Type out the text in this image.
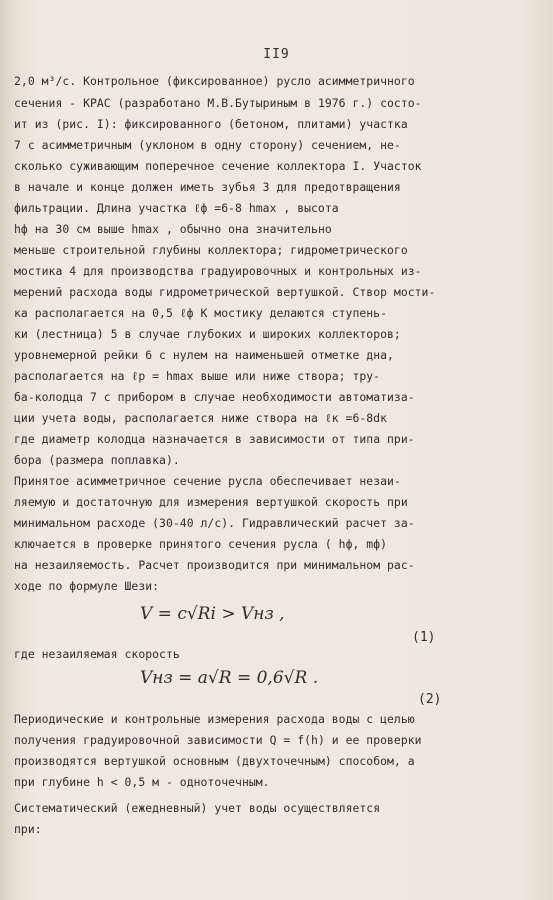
II9
2,0 м³/с. Контрольное (фиксированное) русло асимметричного
сечения - КРАС (разработано М.В.Бутыриным в 1976 г.) состо-
ит из (рис. I): фиксированного (бетоном, плитами) участка
7 с асимметричным (уклоном в одну сторону) сечением, не-
сколько суживающим поперечное сечение коллектора I. Участок
в начале и конце должен иметь зубья 3 для предотвращения
фильтрации. Длина участка ℓф =6-8 hmax , высота
hф на 30 см выше hmax , обычно она значительно
меньше строительной глубины коллектора; гидрометрического
мостика 4 для производства градуировочных и контрольных из-
мерений расхода воды гидрометрической вертушкой. Створ мости-
ка располагается на 0,5 ℓф К мостику делаются ступень-
ки (лестница) 5 в случае глубоких и широких коллекторов;
уровнемерной рейки 6 с нулем на наименьшей отметке дна,
располагается на ℓр = hmax выше или ниже створа; тру-
ба-колодца 7 с прибором в случае необходимости автоматиза-
ции учета воды, располагается ниже створа на ℓк =6-8dк
где диаметр колодца назначается в зависимости от типа при-
бора (размера поплавка).
Принятое асимметричное сечение русла обеспечивает незаи-
ляемую и достаточную для измерения вертушкой скорость при
минимальном расходе (30-40 л/с). Гидравлический расчет за-
ключается в проверке принятого сечения русла ( hф, mф)
на незаиляемость. Расчет производится при минимальном рас-
ходе по формуле Шези:
V = c√Ri > Vнз ,
(1)
где незаиляемая скорость
Vнз = a√R = 0,6√R .
(2)
Периодические и контрольные измерения расхода воды с целью
получения градуировочной зависимости Q = f(h) и ее проверки
производятся вертушкой основным (двухточечным) способом, а
при глубине h < 0,5 м - одноточечным.
Систематический (ежедневный) учет воды осуществляется
при:
